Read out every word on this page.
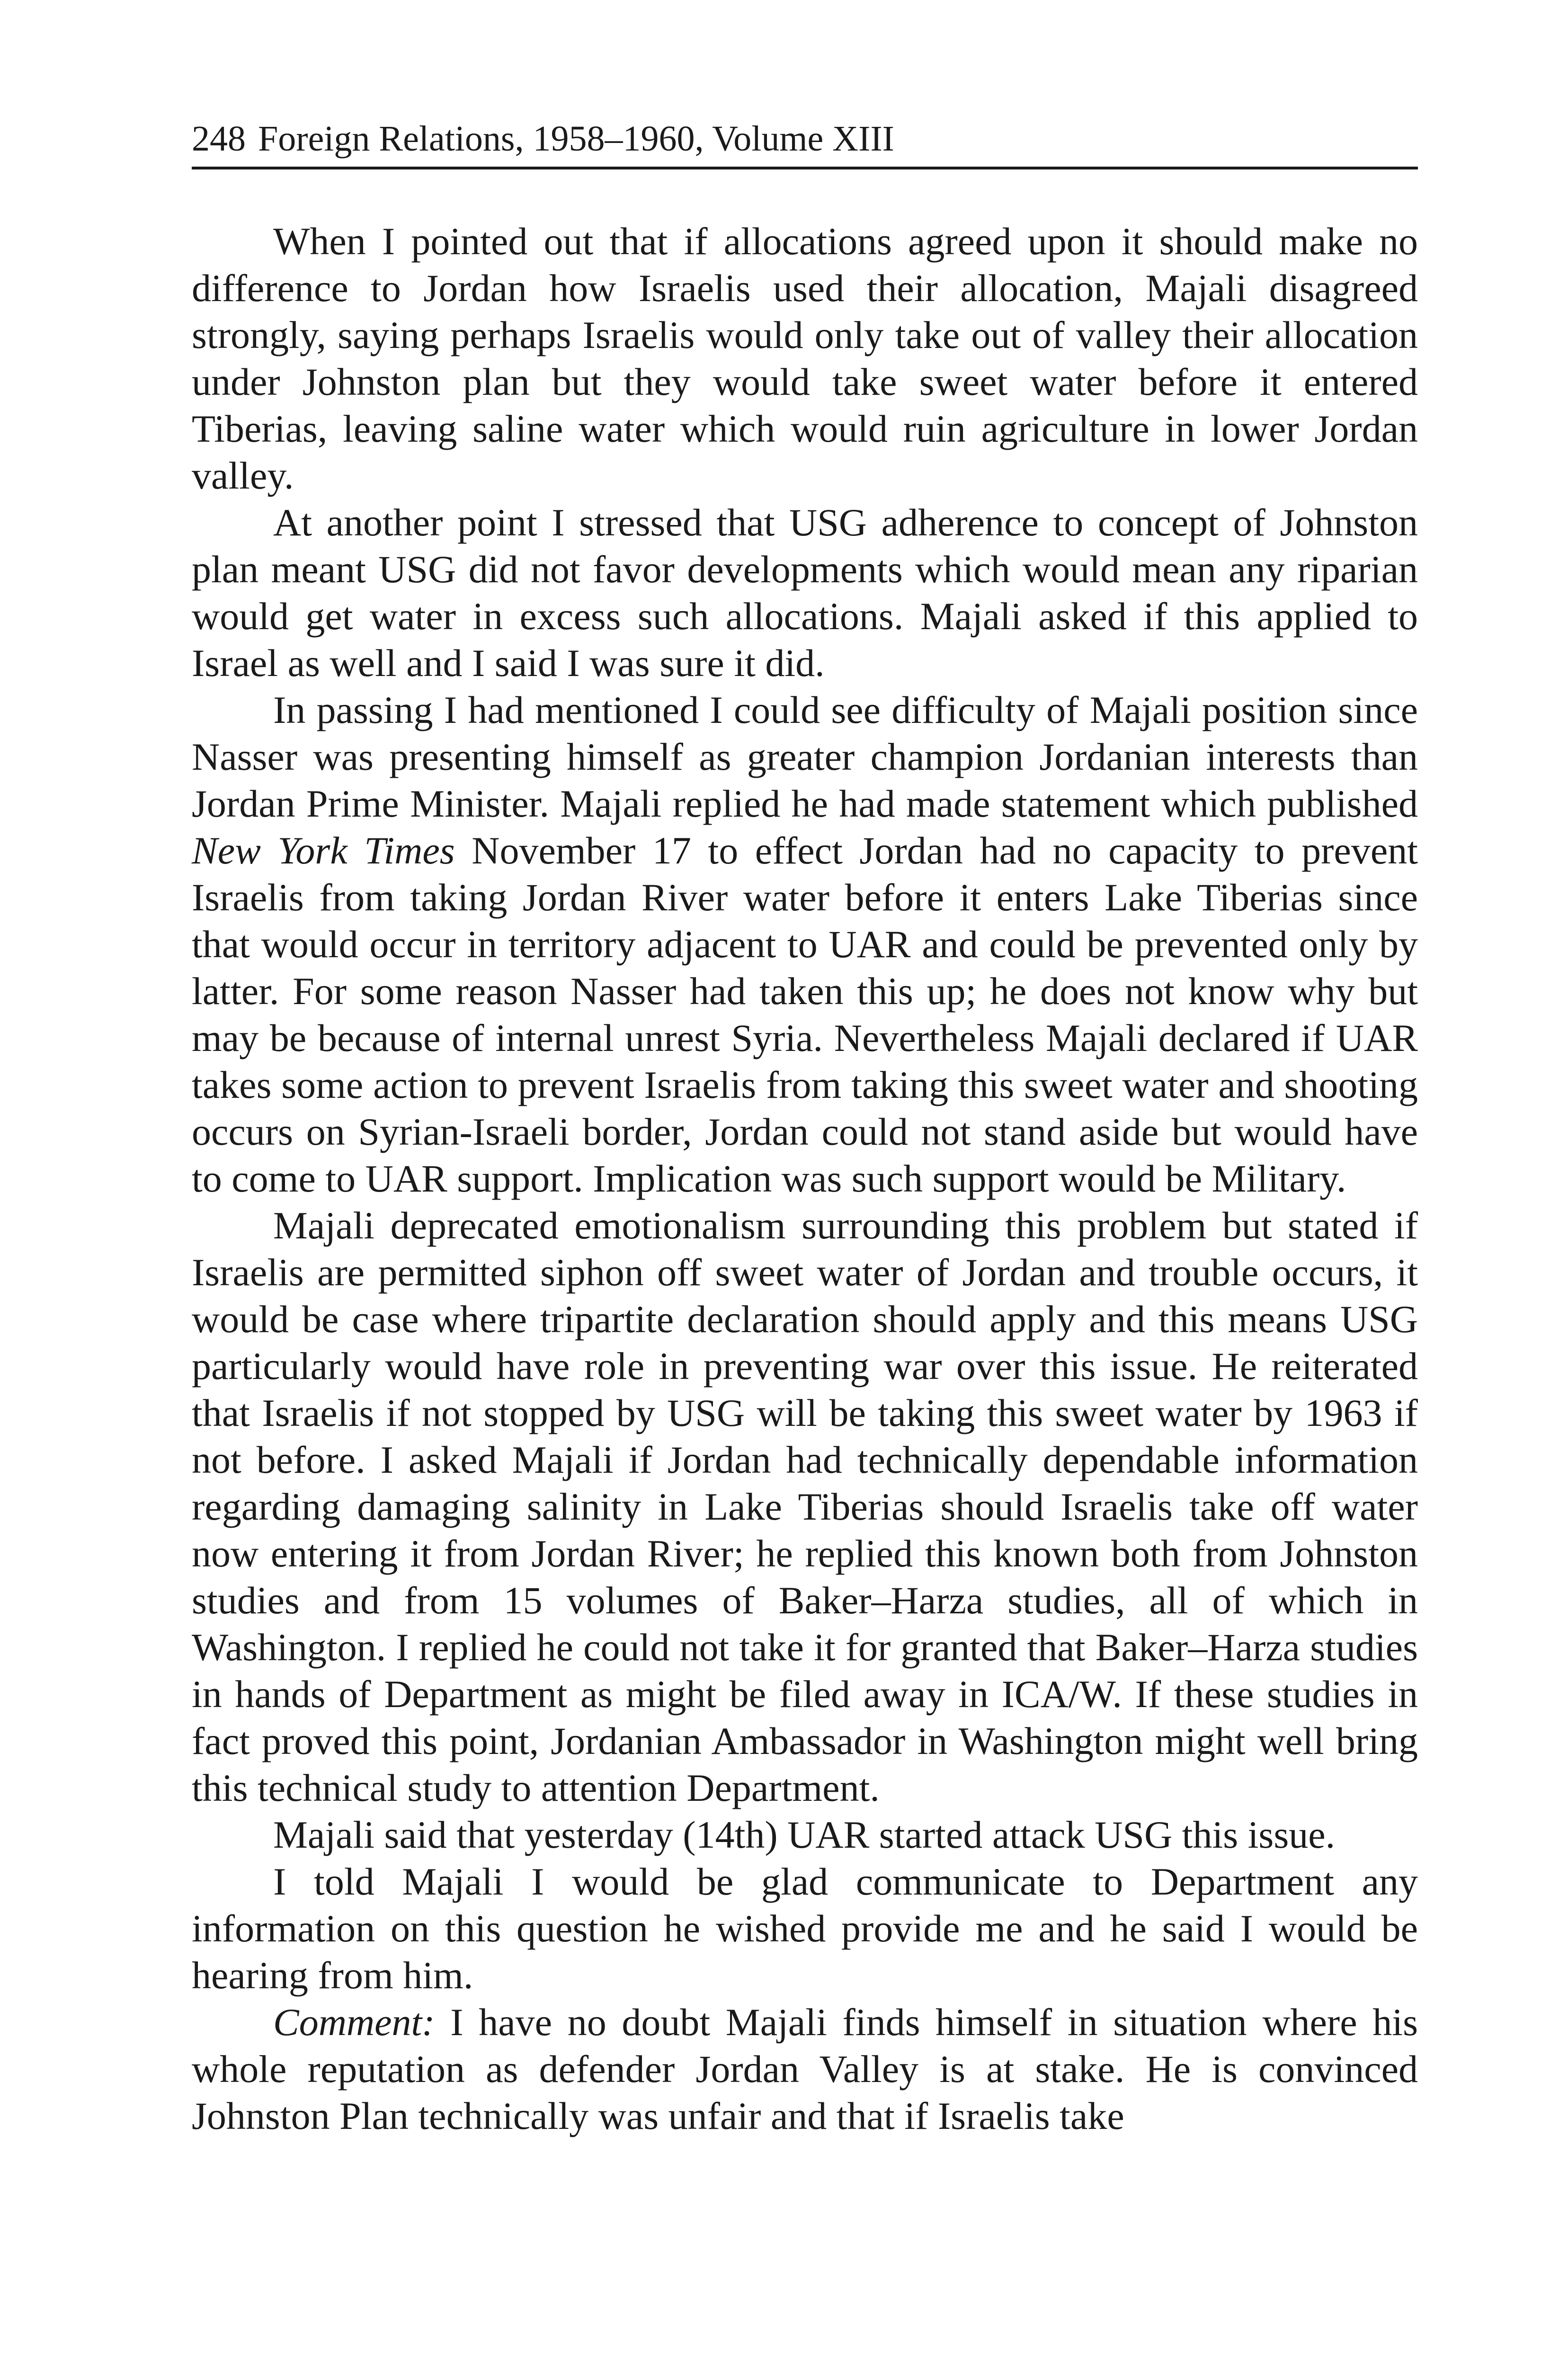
248 Foreign Relations, 1958–1960, Volume XIII

When I pointed out that if allocations agreed upon it should make no difference to Jordan how Israelis used their allocation, Majali disagreed strongly, saying perhaps Israelis would only take out of valley their allocation under Johnston plan but they would take sweet water before it entered Tiberias, leaving saline water which would ruin agriculture in lower Jordan valley.

At another point I stressed that USG adherence to concept of Johnston plan meant USG did not favor developments which would mean any riparian would get water in excess such allocations. Majali asked if this applied to Israel as well and I said I was sure it did.

In passing I had mentioned I could see difficulty of Majali position since Nasser was presenting himself as greater champion Jordanian interests than Jordan Prime Minister. Majali replied he had made statement which published New York Times November 17 to effect Jordan had no capacity to prevent Israelis from taking Jordan River water before it enters Lake Tiberias since that would occur in territory adjacent to UAR and could be prevented only by latter. For some reason Nasser had taken this up; he does not know why but may be because of internal unrest Syria. Nevertheless Majali declared if UAR takes some action to prevent Israelis from taking this sweet water and shooting occurs on Syrian-Israeli border, Jordan could not stand aside but would have to come to UAR support. Implication was such support would be Military.

Majali deprecated emotionalism surrounding this problem but stated if Israelis are permitted siphon off sweet water of Jordan and trouble occurs, it would be case where tripartite declaration should apply and this means USG particularly would have role in preventing war over this issue. He reiterated that Israelis if not stopped by USG will be taking this sweet water by 1963 if not before. I asked Majali if Jordan had technically dependable information regarding damaging salinity in Lake Tiberias should Israelis take off water now entering it from Jordan River; he replied this known both from Johnston studies and from 15 volumes of Baker–Harza studies, all of which in Washington. I replied he could not take it for granted that Baker–Harza studies in hands of Department as might be filed away in ICA/W. If these studies in fact proved this point, Jordanian Ambassador in Washington might well bring this technical study to attention Department.

Majali said that yesterday (14th) UAR started attack USG this issue.

I told Majali I would be glad communicate to Department any information on this question he wished provide me and he said I would be hearing from him.

Comment: I have no doubt Majali finds himself in situation where his whole reputation as defender Jordan Valley is at stake. He is convinced Johnston Plan technically was unfair and that if Israelis take
